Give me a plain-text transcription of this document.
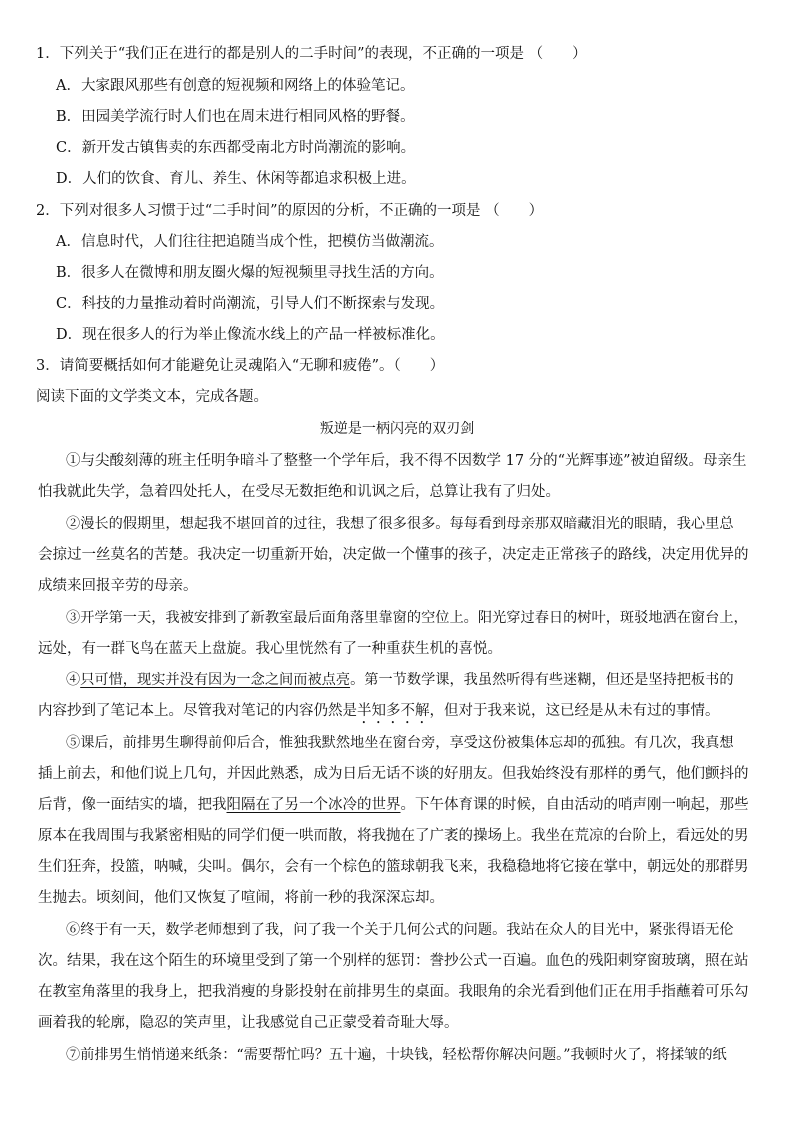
1．下列关于“我们正在进行的都是别人的二手时间”的表现，不正确的一项是 （　　）
A．大家跟风那些有创意的短视频和网络上的体验笔记。
B．田园美学流行时人们也在周末进行相同风格的野餐。
C．新开发古镇售卖的东西都受南北方时尚潮流的影响。
D．人们的饮食、育儿、养生、休闲等都追求积极上进。
2．下列对很多人习惯于过“二手时间”的原因的分析，不正确的一项是 （　　）
A．信息时代，人们往往把追随当成个性，把模仿当做潮流。
B．很多人在微博和朋友圈火爆的短视频里寻找生活的方向。
C．科技的力量推动着时尚潮流，引导人们不断探索与发现。
D．现在很多人的行为举止像流水线上的产品一样被标准化。
3．请简要概括如何才能避免让灵魂陷入“无聊和疲倦”。（　　）
阅读下面的文学类文本，完成各题。
叛逆是一柄闪亮的双刃剑
①与尖酸刻薄的班主任明争暗斗了整整一个学年后，我不得不因数学 17 分的“光辉事迹”被迫留级。母亲生
怕我就此失学，急着四处托人，在受尽无数拒绝和讥讽之后，总算让我有了归处。
②漫长的假期里，想起我不堪回首的过往，我想了很多很多。每每看到母亲那双暗藏泪光的眼睛，我心里总
会掠过一丝莫名的苦楚。我决定一切重新开始，决定做一个懂事的孩子，决定走正常孩子的路线，决定用优异的
成绩来回报辛劳的母亲。
③开学第一天，我被安排到了新教室最后面角落里靠窗的空位上。阳光穿过春日的树叶，斑驳地洒在窗台上，
远处，有一群飞鸟在蓝天上盘旋。我心里恍然有了一种重获生机的喜悦。
④只可惜，现实并没有因为一念之间而被点亮。第一节数学课，我虽然听得有些迷糊，但还是坚持把板书的
内容抄到了笔记本上。尽管我对笔记的内容仍然是半知多不解，但对于我来说，这已经是从未有过的事情。
⑤课后，前排男生聊得前仰后合，惟独我默然地坐在窗台旁，享受这份被集体忘却的孤独。有几次，我真想
插上前去，和他们说上几句，并因此熟悉，成为日后无话不谈的好朋友。但我始终没有那样的勇气，他们颤抖的
后背，像一面结实的墙，把我阳隔在了另一个冰冷的世界。下午体育课的时候，自由活动的哨声刚一响起，那些
原本在我周围与我紧密相贴的同学们便一哄而散，将我抛在了广袤的操场上。我坐在荒凉的台阶上，看远处的男
生们狂奔，投篮，呐喊，尖叫。偶尔，会有一个棕色的篮球朝我飞来，我稳稳地将它接在掌中，朝远处的那群男
生抛去。顷刻间，他们又恢复了喧闹，将前一秒的我深深忘却。
⑥终于有一天，数学老师想到了我，问了我一个关于几何公式的问题。我站在众人的目光中，紧张得语无伦
次。结果，我在这个陌生的环境里受到了第一个别样的惩罚：誊抄公式一百遍。血色的残阳刺穿窗玻璃，照在站
在教室角落里的我身上，把我消瘦的身影投射在前排男生的桌面。我眼角的余光看到他们正在用手指蘸着可乐勾
画着我的轮廓，隐忍的笑声里，让我感觉自己正蒙受着奇耻大辱。
⑦前排男生悄悄递来纸条：“需要帮忙吗？五十遍，十块钱，轻松帮你解决问题。”我顿时火了，将揉皱的纸
